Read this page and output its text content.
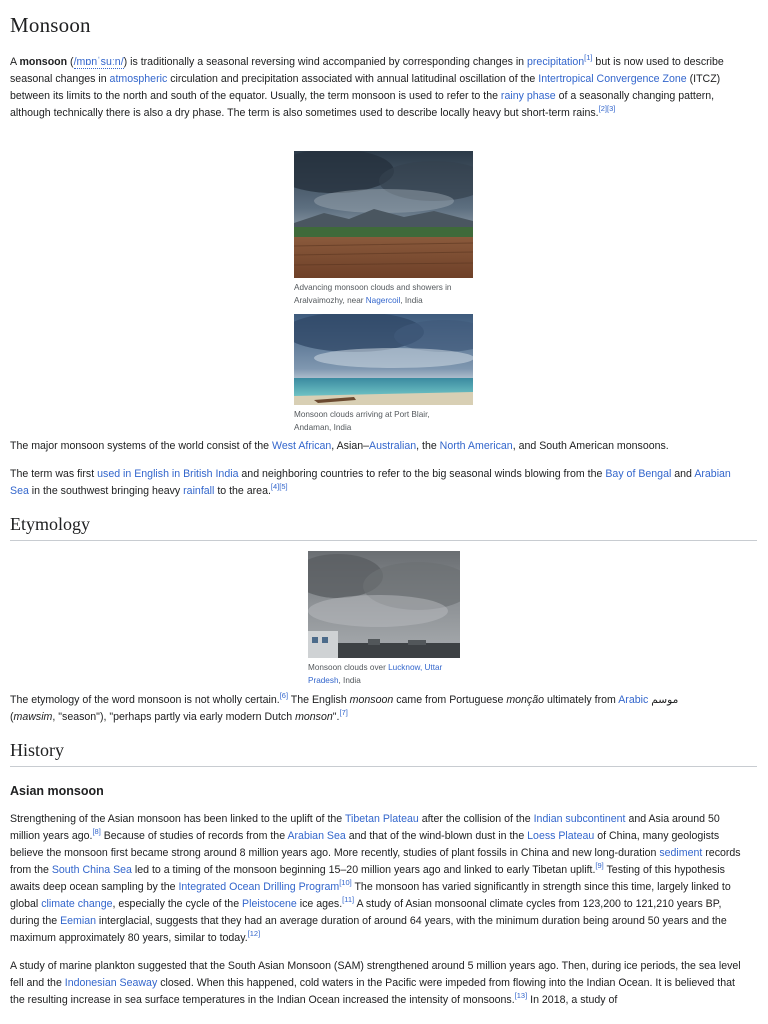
Monsoon

A monsoon (/mɒnˈsuːn/) is traditionally a seasonal reversing wind accompanied by corresponding changes in precipitation[1] but is now used to describe seasonal changes in atmospheric circulation and precipitation associated with annual latitudinal oscillation of the Intertropical Convergence Zone (ITCZ) between its limits to the north and south of the equator. Usually, the term monsoon is used to refer to the rainy phase of a seasonally changing pattern, although technically there is also a dry phase. The term is also sometimes used to describe locally heavy but short-term rains.[2][3]

Advancing monsoon clouds and showers in Aralvaimozhy, near Nagercoil, India
Monsoon clouds arriving at Port Blair, Andaman, India

The major monsoon systems of the world consist of the West African, Asian–Australian, the North American, and South American monsoons.

The term was first used in English in British India and neighboring countries to refer to the big seasonal winds blowing from the Bay of Bengal and Arabian Sea in the southwest bringing heavy rainfall to the area.[4][5]

Etymology
Monsoon clouds over Lucknow, Uttar Pradesh, India

The etymology of the word monsoon is not wholly certain.[6] The English monsoon came from Portuguese monção ultimately from Arabic موسم
(mawsim, "season"), "perhaps partly via early modern Dutch monson".[7]

History
Asian monsoon

Strengthening of the Asian monsoon has been linked to the uplift of the Tibetan Plateau after the collision of the Indian subcontinent and Asia around 50 million years ago.[8] Because of studies of records from the Arabian Sea and that of the wind-blown dust in the Loess Plateau of China, many geologists believe the monsoon first became strong around 8 million years ago. More recently, studies of plant fossils in China and new long-duration sediment records from the South China Sea led to a timing of the monsoon beginning 15–20 million years ago and linked to early Tibetan uplift.[9] Testing of this hypothesis awaits deep ocean sampling by the Integrated Ocean Drilling Program[10] The monsoon has varied significantly in strength since this time, largely linked to global climate change, especially the cycle of the Pleistocene ice ages.[11] A study of Asian monsoonal climate cycles from 123,200 to 121,210 years BP, during the Eemian interglacial, suggests that they had an average duration of around 64 years, with the minimum duration being around 50 years and the maximum approximately 80 years, similar to today.[12]

A study of marine plankton suggested that the South Asian Monsoon (SAM) strengthened around 5 million years ago. Then, during ice periods, the sea level fell and the Indonesian Seaway closed. When this happened, cold waters in the Pacific were impeded from flowing into the Indian Ocean. It is believed that the resulting increase in sea surface temperatures in the Indian Ocean increased the intensity of monsoons.[13] In 2018, a study of
